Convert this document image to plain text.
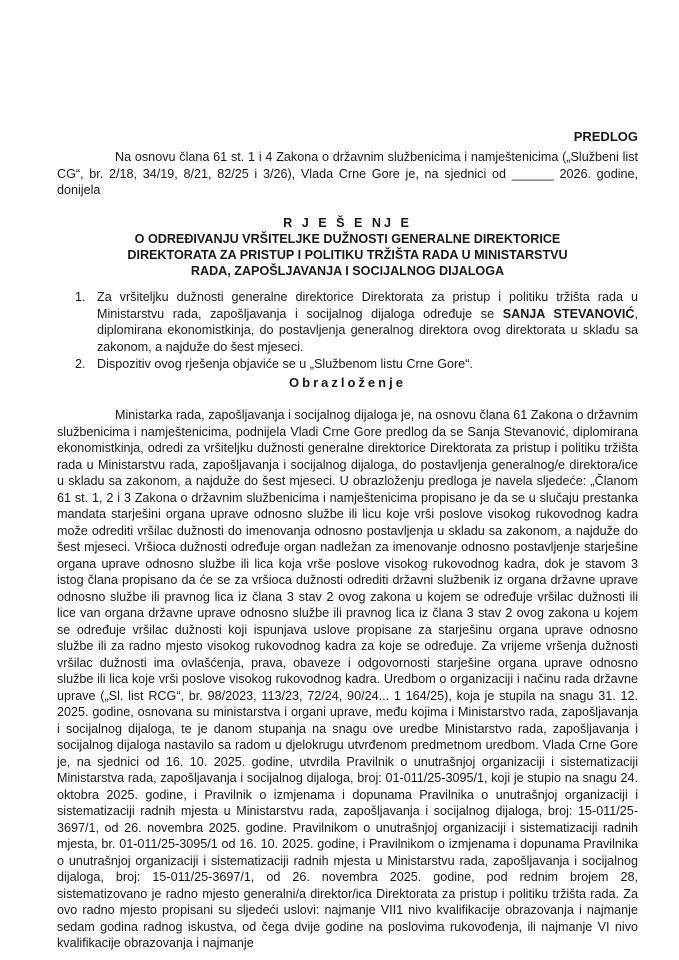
PREDLOG

Na osnovu člana 61 st. 1 i 4 Zakona o državnim službenicima i namještenicima („Službeni list CG“, br. 2/18, 34/19, 8/21, 82/25 i 3/26), Vlada Crne Gore je, na sjednici od ______ 2026. godine, donijela

R J E Š E NJ E
O ODREĐIVANJU VRŠITELJKE DUŽNOSTI GENERALNE DIREKTORICE
DIREKTORATA ZA PRISTUP I POLITIKU TRŽIŠTA RADA U MINISTARSTVU
RADA, ZAPOŠLJAVANJA I SOCIJALNOG DIJALOGA
1. Za vršiteljku dužnosti generalne direktorice Direktorata za pristup i politiku tržišta rada u Ministarstvu rada, zapošljavanja i socijalnog dijaloga određuje se SANJA STEVANOVIĆ, diplomirana ekonomistkinja, do postavljenja generalnog direktora ovog direktorata u skladu sa zakonom, a najduže do šest mjeseci.
2. Dispozitiv ovog rješenja objaviće se u „Službenom listu Crne Gore“.
Obrazloženje

Ministarka rada, zapošljavanja i socijalnog dijaloga je, na osnovu člana 61 Zakona o državnim službenicima i namještenicima, podnijela Vladi Crne Gore predlog da se Sanja Stevanović, diplomirana ekonomistkinja, odredi za vršiteljku dužnosti generalne direktorice Direktorata za pristup i politiku tržišta rada u Ministarstvu rada, zapošljavanja i socijalnog dijaloga, do postavljenja generalnog/e direktora/ice u skladu sa zakonom, a najduže do šest mjeseci. U obrazloženju predloga je navela sljedeće: „Članom 61 st. 1, 2 i 3 Zakona o državnim službenicima i namještenicima propisano je da se u slučaju prestanka mandata starješini organa uprave odnosno službe ili licu koje vrši poslove visokog rukovodnog kadra može odrediti vršilac dužnosti do imenovanja odnosno postavljenja u skladu sa zakonom, a najduže do šest mjeseci. Vršioca dužnosti određuje organ nadležan za imenovanje odnosno postavljenje starješine organa uprave odnosno službe ili lica koja vrše poslove visokog rukovodnog kadra, dok je stavom 3 istog člana propisano da će se za vršioca dužnosti odrediti državni službenik iz organa državne uprave odnosno službe ili pravnog lica iz člana 3 stav 2 ovog zakona u kojem se određuje vršilac dužnosti ili lice van organa državne uprave odnosno službe ili pravnog lica iz člana 3 stav 2 ovog zakona u kojem se određuje vršilac dužnosti koji ispunjava uslove propisane za starješinu organa uprave odnosno službe ili za radno mjesto visokog rukovodnog kadra za koje se određuje. Za vrijeme vršenja dužnosti vršilac dužnosti ima ovlašćenja, prava, obaveze i odgovornosti starješine organa uprave odnosno službe ili lica koje vrši poslove visokog rukovodnog kadra. Uredbom o organizaciji i načinu rada državne uprave („Sl. list RCG“, br. 98/2023, 113/23, 72/24, 90/24... 1 164/25), koja je stupila na snagu 31. 12. 2025. godine, osnovana su ministarstva i organi uprave, među kojima i Ministarstvo rada, zapošljavanja i socijalnog dijaloga, te je danom stupanja na snagu ove uredbe Ministarstvo rada, zapošljavanja i socijalnog dijaloga nastavilo sa radom u djelokrugu utvrđenom predmetnom uredbom. Vlada Crne Gore je, na sjednici od 16. 10. 2025. godine, utvrdila Pravilnik o unutrašnjoj organizaciji i sistematizaciji Ministarstva rada, zapošljavanja i socijalnog dijaloga, broj: 01-011/25-3095/1, koji je stupio na snagu 24. oktobra 2025. godine, i Pravilnik o izmjenama i dopunama Pravilnika o unutrašnjoj organizaciji i sistematizaciji radnih mjesta u Ministarstvu rada, zapošljavanja i socijalnog dijaloga, broj: 15-011/25-3697/1, od 26. novembra 2025. godine. Pravilnikom o unutrašnjoj organizaciji i sistematizaciji radnih mjesta, br. 01-011/25-3095/1 od 16. 10. 2025. godine, i Pravilnikom o izmjenama i dopunama Pravilnika o unutrašnjoj organizaciji i sistematizaciji radnih mjesta u Ministarstvu rada, zapošljavanja i socijalnog dijaloga, broj: 15-011/25-3697/1, od 26. novembra 2025. godine, pod rednim brojem 28, sistematizovano je radno mjesto generalni/a direktor/ica Direktorata za pristup i politiku tržišta rada. Za ovo radno mjesto propisani su sljedeći uslovi: najmanje VII1 nivo kvalifikacije obrazovanja i najmanje sedam godina radnog iskustva, od čega dvije godine na poslovima rukovođenja, ili najmanje VI nivo kvalifikacije obrazovanja i najmanje
